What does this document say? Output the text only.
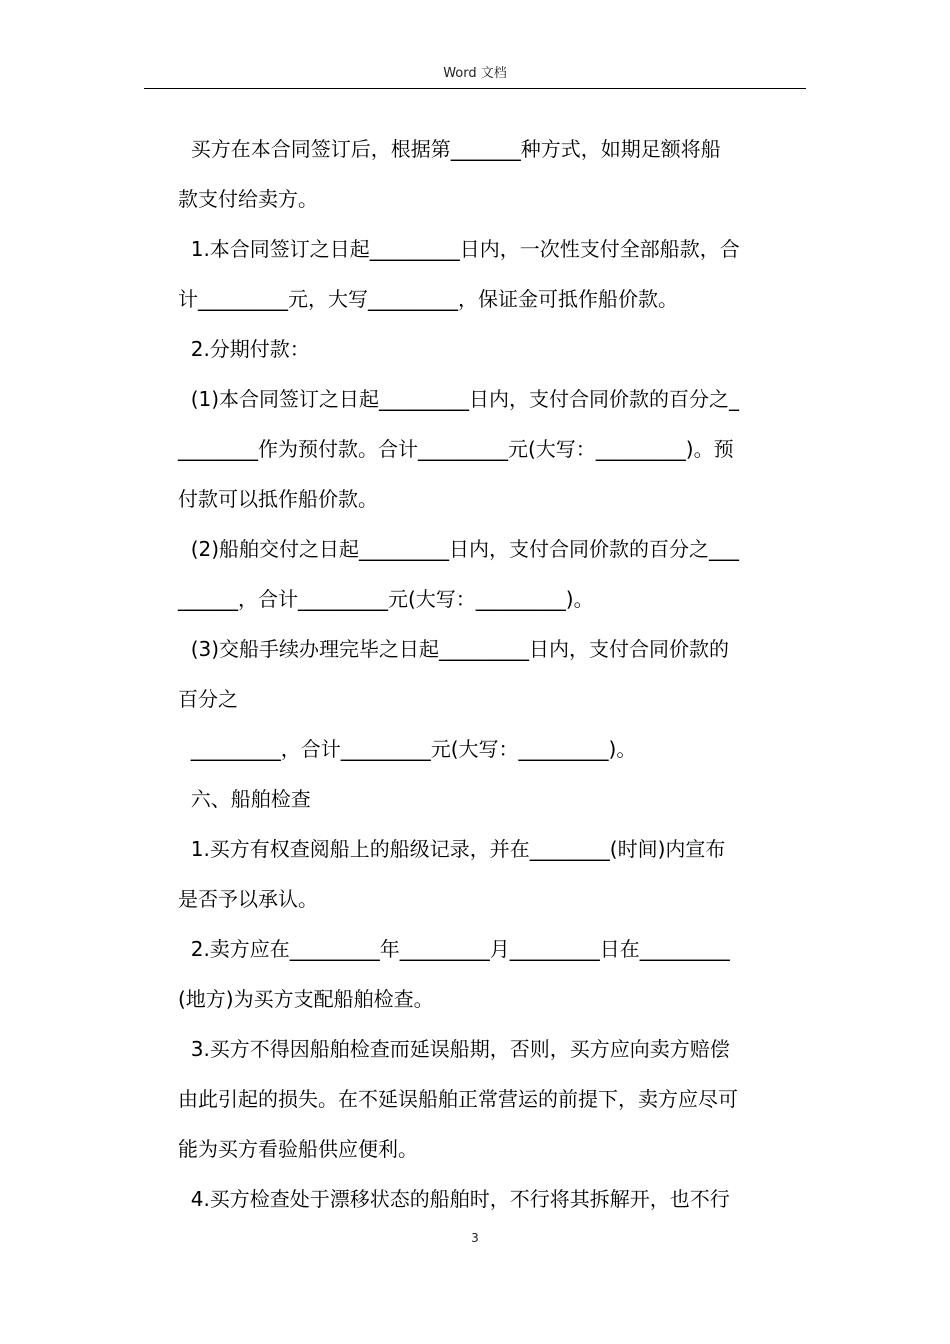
Word 文档
买方在本合同签订后，根据第_______种方式，如期足额将船
款支付给卖方。
1.本合同签订之日起_________日内，一次性支付全部船款，合
计_________元，大写_________，保证金可抵作船价款。
2.分期付款：
(1)本合同签订之日起_________日内，支付合同价款的百分之_
________作为预付款。合计_________元(大写：_________)。预
付款可以抵作船价款。
(2)船舶交付之日起_________日内，支付合同价款的百分之___
______，合计_________元(大写：_________)。
(3)交船手续办理完毕之日起_________日内，支付合同价款的
百分之
_________，合计_________元(大写：_________)。
六、船舶检查
1.买方有权查阅船上的船级记录，并在________(时间)内宣布
是否予以承认。
2.卖方应在_________年_________月_________日在_________
(地方)为买方支配船舶检查。
3.买方不得因船舶检查而延误船期，否则，买方应向卖方赔偿
由此引起的损失。在不延误船舶正常营运的前提下，卖方应尽可
能为买方看验船供应便利。
4.买方检查处于漂移状态的船舶时，不行将其拆解开，也不行
3
